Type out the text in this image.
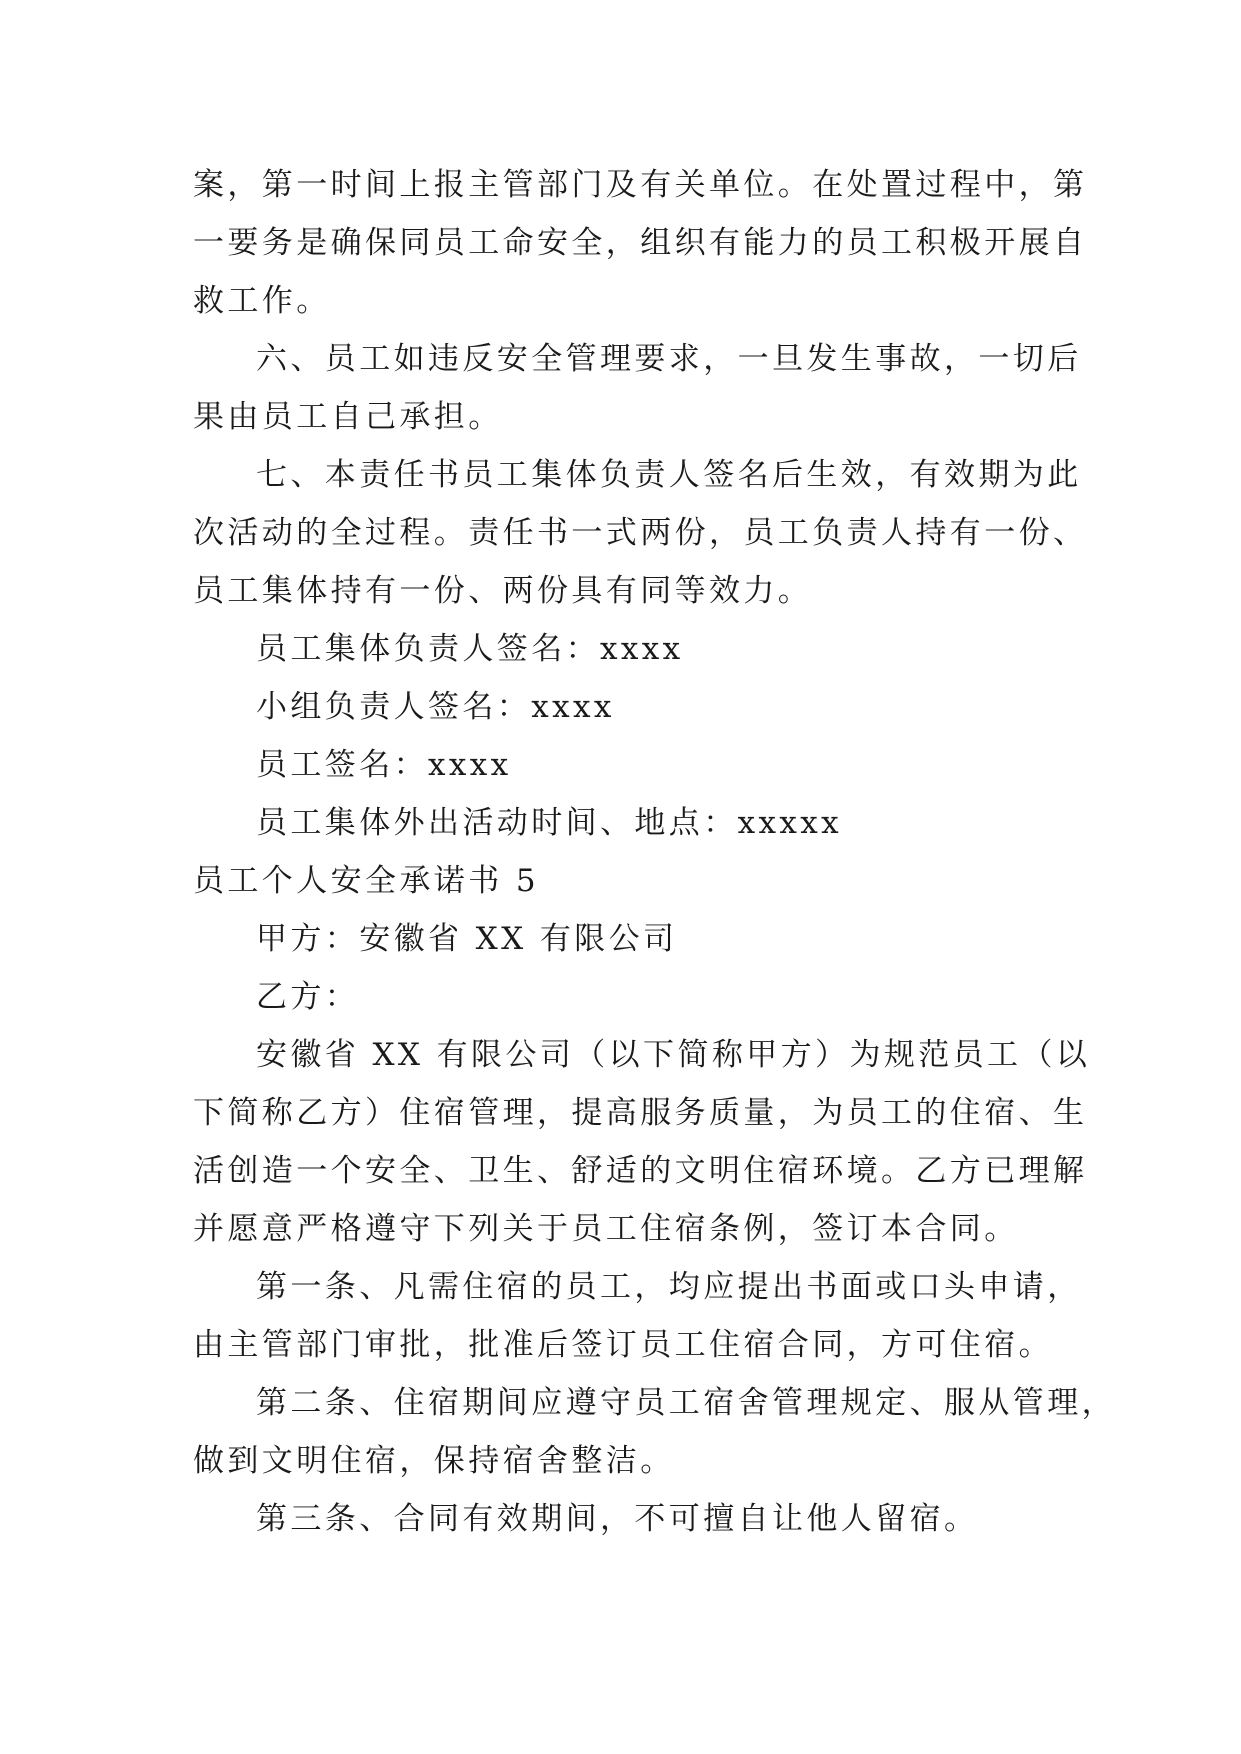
案，第一时间上报主管部门及有关单位。在处置过程中，第
一要务是确保同员工命安全，组织有能力的员工积极开展自
救工作。
六、员工如违反安全管理要求，一旦发生事故，一切后
果由员工自己承担。
七、本责任书员工集体负责人签名后生效，有效期为此
次活动的全过程。责任书一式两份，员工负责人持有一份、
员工集体持有一份、两份具有同等效力。
员工集体负责人签名：xxxx
小组负责人签名：xxxx
员工签名：xxxx
员工集体外出活动时间、地点：xxxxx
员工个人安全承诺书 5
甲方：安徽省 XX 有限公司
乙方：
安徽省 XX 有限公司（以下简称甲方）为规范员工（以
下简称乙方）住宿管理，提高服务质量，为员工的住宿、生
活创造一个安全、卫生、舒适的文明住宿环境。乙方已理解
并愿意严格遵守下列关于员工住宿条例，签订本合同。
第一条、凡需住宿的员工，均应提出书面或口头申请，
由主管部门审批，批准后签订员工住宿合同，方可住宿。
第二条、住宿期间应遵守员工宿舍管理规定、服从管理，
做到文明住宿，保持宿舍整洁。
第三条、合同有效期间，不可擅自让他人留宿。
